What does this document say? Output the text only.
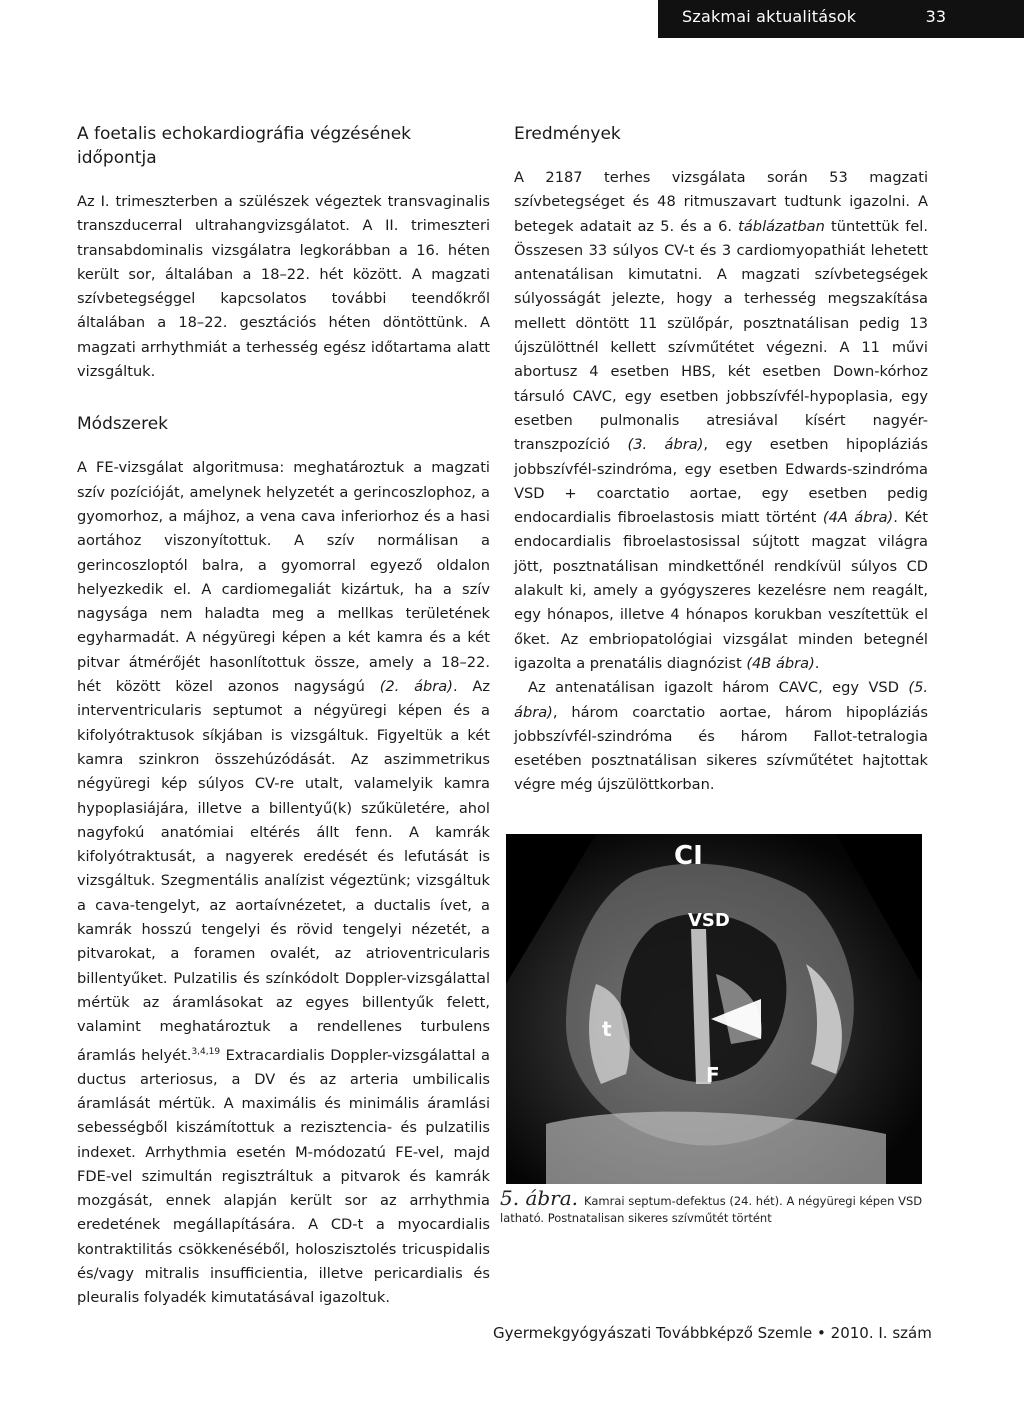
Szakmai aktualitások	33
A foetalis echokardiográfia végzésének időpontja

Az I. trimeszterben a szülészek végeztek transvaginalis transzducerral ultrahangvizsgálatot. A II. trimeszteri transabdominalis vizsgálatra legkorábban a 16. héten került sor, általában a 18–22. hét között. A magzati szívbetegséggel kapcsolatos további teendőkről általában a 18–22. gesztációs héten döntöttünk. A magzati arrhythmiát a terhesség egész időtartama alatt vizsgáltuk.

Módszerek

A FE-vizsgálat algoritmusa: meghatároztuk a magzati szív pozícióját, amelynek helyzetét a gerincoszlophoz, a gyomorhoz, a májhoz, a vena cava inferiorhoz és a hasi aortához viszonyítottuk. A szív normálisan a gerincoszloptól balra, a gyomorral egyező oldalon helyezkedik el. A cardiomegaliát kizártuk, ha a szív nagysága nem haladta meg a mellkas területének egyharmadát. A négyüregi képen a két kamra és a két pitvar átmérőjét hasonlítottuk össze, amely a 18–22. hét között közel azonos nagyságú (2. ábra). Az interventricularis septumot a négyüregi képen és a kifolyótraktusok síkjában is vizsgáltuk. Figyeltük a két kamra szinkron összehúzódását. Az aszimmetrikus négyüregi kép súlyos CV-re utalt, valamelyik kamra hypoplasiájára, illetve a billentyű(k) szűkületére, ahol nagyfokú anatómiai eltérés állt fenn. A kamrák kifolyótraktusát, a nagyerek eredését és lefutását is vizsgáltuk. Szegmentális analízist végeztünk; vizsgáltuk a cava-tengelyt, az aortaívnézetet, a ductalis ívet, a kamrák hosszú tengelyi és rövid tengelyi nézetét, a pitvarokat, a foramen ovalét, az atrioventricularis billentyűket. Pulzatilis és színkódolt Doppler-vizsgálattal mértük az áramlásokat az egyes billentyűk felett, valamint meghatároztuk a rendellenes turbulens áramlás helyét.$^{3,4,19}$ Extracardialis Doppler-vizsgálattal a ductus arteriosus, a DV és az arteria umbilicalis áramlását mértük. A maximális és minimális áramlási sebességből kiszámítottuk a rezisztencia- és pulzatilis indexet. Arrhythmia esetén M-módozatú FE-vel, majd FDE-vel szimultán regisztráltuk a pitvarok és kamrák mozgását, ennek alapján került sor az arrhythmia eredetének megállapítására. A CD-t a myocardialis kontraktilitás csökkenéséből, holoszisztolés tricuspidalis és/vagy mitralis insufficientia, illetve pericardialis és pleuralis folyadék kimutatásával igazoltuk.

Eredmények

A 2187 terhes vizsgálata során 53 magzati szívbetegséget és 48 ritmuszavart tudtunk igazolni. A betegek adatait az 5. és a 6. táblázatban tüntettük fel. Összesen 33 súlyos CV-t és 3 cardiomyopathiát lehetett antenatálisan kimutatni. A magzati szívbetegségek súlyosságát jelezte, hogy a terhesség megszakítása mellett döntött 11 szülőpár, posztnatálisan pedig 13 újszülöttnél kellett szívműtétet végezni. A 11 művi abortusz 4 esetben HBS, két esetben Down-kórhoz társuló CAVC, egy esetben jobbszívfél-hypoplasia, egy esetben pulmonalis atresiával kísért nagyér-transzpozíció (3. ábra), egy esetben hipopláziás jobbszívfél-szindróma, egy esetben Edwards-szindróma VSD + coarctatio aortae, egy esetben pedig endocardialis fibroelastosis miatt történt (4A ábra). Két endocardialis fibroelastosissal sújtott magzat világra jött, posztnatálisan mindkettőnél rendkívül súlyos CD alakult ki, amely a gyógyszeres kezelésre nem reagált, egy hónapos, illetve 4 hónapos korukban veszítettük el őket. Az embriopatológiai vizsgálat minden betegnél igazolta a prenatális diagnózist (4B ábra).

Az antenatálisan igazolt három CAVC, egy VSD (5. ábra), három coarctatio aortae, három hipopláziás jobbszívfél-szindróma és három Fallot-tetralogia esetében posztnatálisan sikeres szívműtétet hajtottak végre még újszülöttkorban.

CI
VSD
t
F
5. ábra. Kamrai septum-defektus (24. hét). A négyüregi képen VSD latható. Postnatalisan sikeres szívműtét történt
Gyermekgyógyászati Továbbképző Szemle • 2010. I. szám
